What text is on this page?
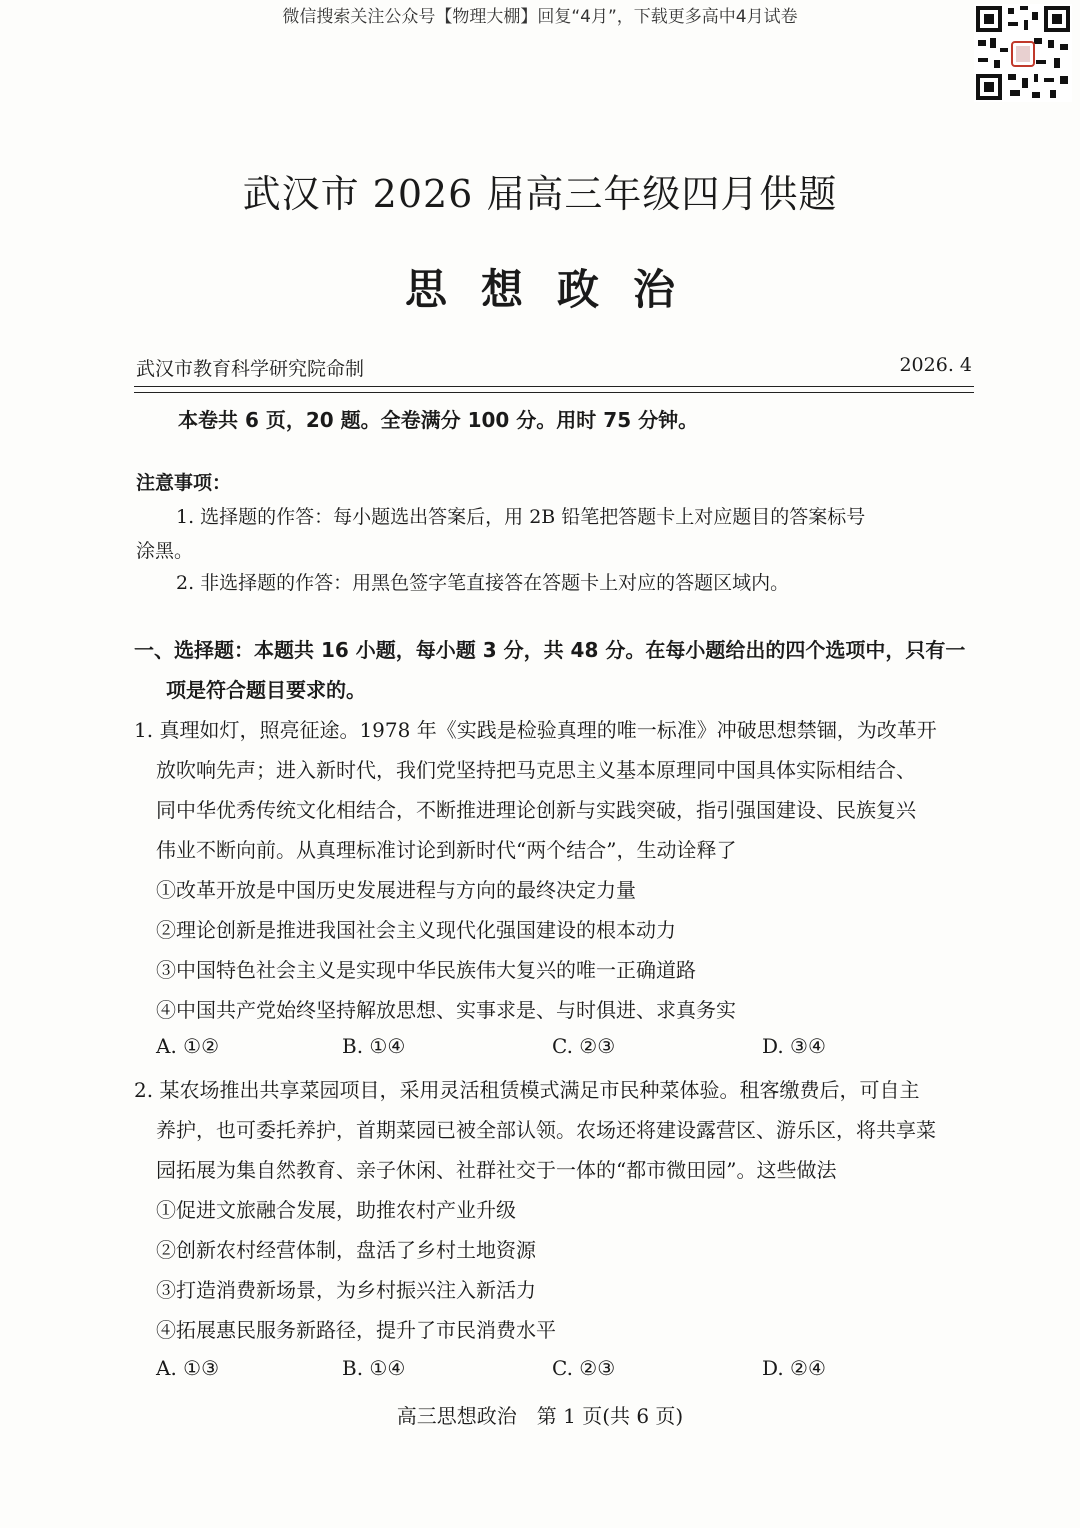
微信搜索关注公众号【物理大棚】回复“4月”，下载更多高中4月试卷
武汉市 2026 届高三年级四月供题
思想政治
武汉市教育科学研究院命制	2026. 4
本卷共 6 页，20 题。全卷满分 100 分。用时 75 分钟。
注意事项：
1. 选择题的作答：每小题选出答案后，用 2B 铅笔把答题卡上对应题目的答案标号
涂黑。
2. 非选择题的作答：用黑色签字笔直接答在答题卡上对应的答题区域内。
一、选择题：本题共 16 小题，每小题 3 分，共 48 分。在每小题给出的四个选项中，只有一
项是符合题目要求的。
1. 真理如灯，照亮征途。1978 年《实践是检验真理的唯一标准》冲破思想禁锢，为改革开
放吹响先声；进入新时代，我们党坚持把马克思主义基本原理同中国具体实际相结合、
同中华优秀传统文化相结合，不断推进理论创新与实践突破，指引强国建设、民族复兴
伟业不断向前。从真理标准讨论到新时代“两个结合”，生动诠释了
①改革开放是中国历史发展进程与方向的最终决定力量
②理论创新是推进我国社会主义现代化强国建设的根本动力
③中国特色社会主义是实现中华民族伟大复兴的唯一正确道路
④中国共产党始终坚持解放思想、实事求是、与时俱进、求真务实
A. ①②	B. ①④	C. ②③	D. ③④
2. 某农场推出共享菜园项目，采用灵活租赁模式满足市民种菜体验。租客缴费后，可自主
养护，也可委托养护，首期菜园已被全部认领。农场还将建设露营区、游乐区，将共享菜
园拓展为集自然教育、亲子休闲、社群社交于一体的“都市微田园”。这些做法
①促进文旅融合发展，助推农村产业升级
②创新农村经营体制，盘活了乡村土地资源
③打造消费新场景，为乡村振兴注入新活力
④拓展惠民服务新路径，提升了市民消费水平
A. ①③	B. ①④	C. ②③	D. ②④
高三思想政治　第 1 页(共 6 页)
